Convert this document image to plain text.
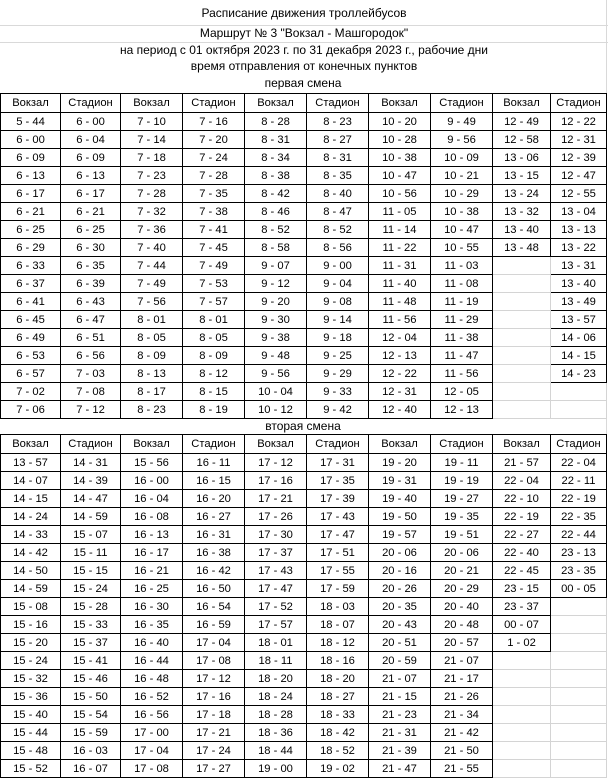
Расписание движения троллейбусов
Маршрут № 3 "Вокзал - Машгородок"
на период с 01 октября 2023 г. по 31 декабря 2023 г., рабочие дни
время отправления от конечных пунктов
первая смена
Вокзал	Стадион	Вокзал	Стадион	Вокзал	Стадион	Вокзал	Стадион	Вокзал	Стадион
5 - 44	6 - 00	7 - 10	7 - 16	8 - 28	8 - 23	10 - 20	9 - 49	12 - 49	12 - 22
6 - 00	6 - 04	7 - 14	7 - 20	8 - 31	8 - 27	10 - 28	9 - 56	12 - 58	12 - 31
6 - 09	6 - 09	7 - 18	7 - 24	8 - 34	8 - 31	10 - 38	10 - 09	13 - 06	12 - 39
6 - 13	6 - 13	7 - 23	7 - 28	8 - 38	8 - 35	10 - 47	10 - 21	13 - 15	12 - 47
6 - 17	6 - 17	7 - 28	7 - 35	8 - 42	8 - 40	10 - 56	10 - 29	13 - 24	12 - 55
6 - 21	6 - 21	7 - 32	7 - 38	8 - 46	8 - 47	11 - 05	10 - 38	13 - 32	13 - 04
6 - 25	6 - 25	7 - 36	7 - 41	8 - 52	8 - 52	11 - 14	10 - 47	13 - 40	13 - 13
6 - 29	6 - 30	7 - 40	7 - 45	8 - 58	8 - 56	11 - 22	10 - 55	13 - 48	13 - 22
6 - 33	6 - 35	7 - 44	7 - 49	9 - 07	9 - 00	11 - 31	11 - 03		13 - 31
6 - 37	6 - 39	7 - 49	7 - 53	9 - 12	9 - 04	11 - 40	11 - 08		13 - 40
6 - 41	6 - 43	7 - 56	7 - 57	9 - 20	9 - 08	11 - 48	11 - 19		13 - 49
6 - 45	6 - 47	8 - 01	8 - 01	9 - 30	9 - 14	11 - 56	11 - 29		13 - 57
6 - 49	6 - 51	8 - 05	8 - 05	9 - 38	9 - 18	12 - 04	11 - 38		14 - 06
6 - 53	6 - 56	8 - 09	8 - 09	9 - 48	9 - 25	12 - 13	11 - 47		14 - 15
6 - 57	7 - 03	8 - 13	8 - 12	9 - 56	9 - 29	12 - 22	11 - 56		14 - 23
7 - 02	7 - 08	8 - 17	8 - 15	10 - 04	9 - 33	12 - 31	12 - 05		
7 - 06	7 - 12	8 - 23	8 - 19	10 - 12	9 - 42	12 - 40	12 - 13		
вторая смена
Вокзал	Стадион	Вокзал	Стадион	Вокзал	Стадион	Вокзал	Стадион	Вокзал	Стадион
13 - 57	14 - 31	15 - 56	16 - 11	17 - 12	17 - 31	19 - 20	19 - 11	21 - 57	22 - 04
14 - 07	14 - 39	16 - 00	16 - 15	17 - 16	17 - 35	19 - 31	19 - 19	22 - 04	22 - 11
14 - 15	14 - 47	16 - 04	16 - 20	17 - 21	17 - 39	19 - 40	19 - 27	22 - 10	22 - 19
14 - 24	14 - 59	16 - 08	16 - 27	17 - 26	17 - 43	19 - 50	19 - 35	22 - 19	22 - 35
14 - 33	15 - 07	16 - 13	16 - 31	17 - 30	17 - 47	19 - 57	19 - 51	22 - 27	22 - 44
14 - 42	15 - 11	16 - 17	16 - 38	17 - 37	17 - 51	20 - 06	20 - 06	22 - 40	23 - 13
14 - 50	15 - 15	16 - 21	16 - 42	17 - 43	17 - 55	20 - 16	20 - 21	22 - 45	23 - 35
14 - 59	15 - 24	16 - 25	16 - 50	17 - 47	17 - 59	20 - 26	20 - 29	23 - 15	00 - 05
15 - 08	15 - 28	16 - 30	16 - 54	17 - 52	18 - 03	20 - 35	20 - 40	23 - 37	
15 - 16	15 - 33	16 - 35	16 - 59	17 - 57	18 - 07	20 - 43	20 - 48	00 - 07	
15 - 20	15 - 37	16 - 40	17 - 04	18 - 01	18 - 12	20 - 51	20 - 57	1 - 02	
15 - 24	15 - 41	16 - 44	17 - 08	18 - 11	18 - 16	20 - 59	21 - 07		
15 - 32	15 - 46	16 - 48	17 - 12	18 - 20	18 - 20	21 - 07	21 - 17		
15 - 36	15 - 50	16 - 52	17 - 16	18 - 24	18 - 27	21 - 15	21 - 26		
15 - 40	15 - 54	16 - 56	17 - 18	18 - 28	18 - 33	21 - 23	21 - 34		
15 - 44	15 - 59	17 - 00	17 - 21	18 - 36	18 - 42	21 - 31	21 - 42		
15 - 48	16 - 03	17 - 04	17 - 24	18 - 44	18 - 52	21 - 39	21 - 50		
15 - 52	16 - 07	17 - 08	17 - 27	19 - 00	19 - 02	21 - 47	21 - 55		
